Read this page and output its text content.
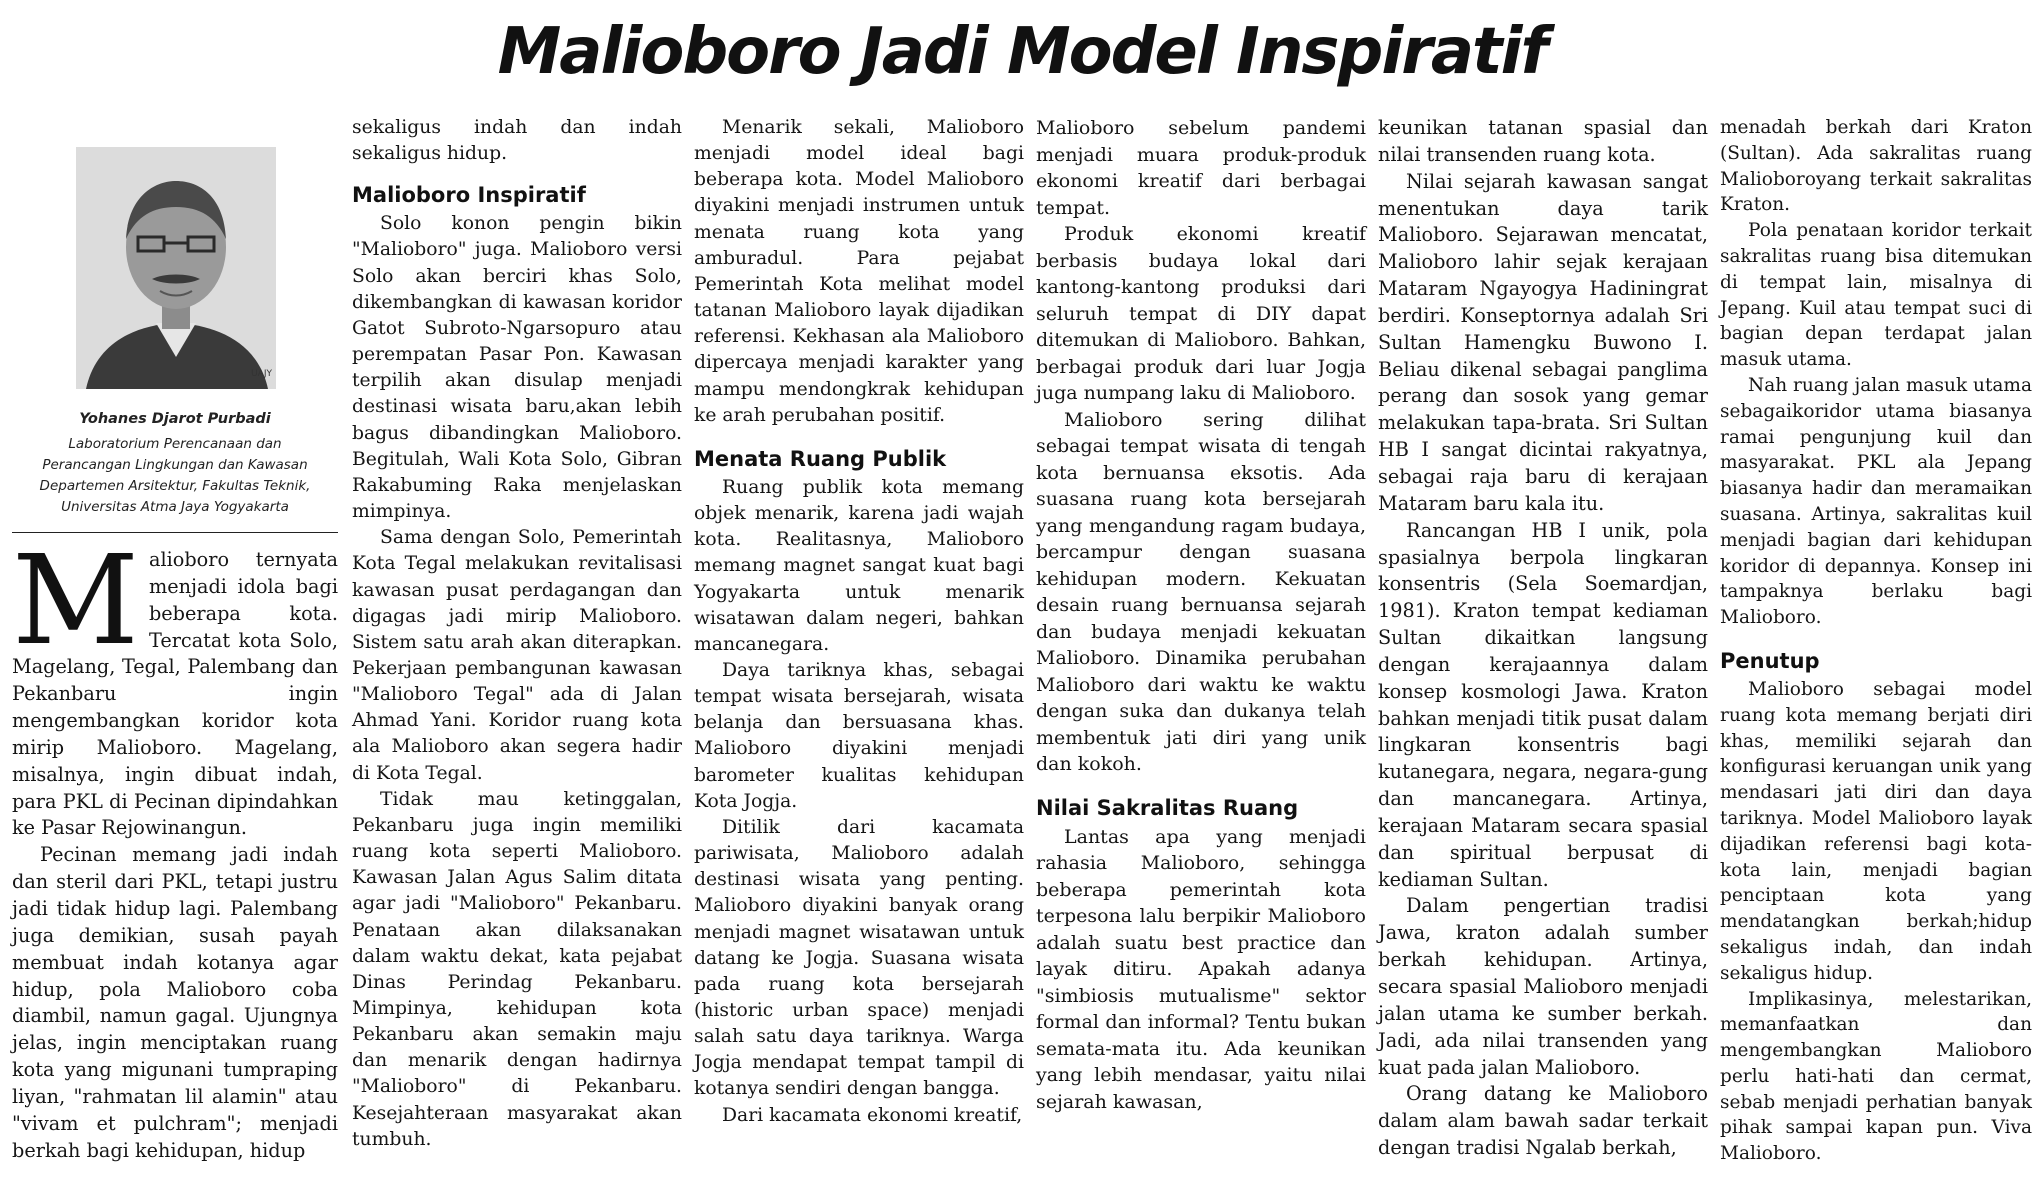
Malioboro Jadi Model Inspiratif
UAJY
Yohanes Djarot Purbadi
Laboratorium Perencanaan dan
Perancangan Lingkungan dan Kawasan
Departemen Arsitektur, Fakultas Teknik,
Universitas Atma Jaya Yogyakarta

Malioboro ternyata menjadi idola bagi beberapa kota. Tercatat kota Solo, Magelang, Tegal, Palembang dan Pekanbaru ingin mengembangkan koridor kota mirip Malioboro. Magelang, misalnya, ingin dibuat indah, para PKL di Pecinan dipindahkan ke Pasar Rejowinangun.

Pecinan memang jadi indah dan steril dari PKL, tetapi justru jadi tidak hidup lagi. Palembang juga demikian, susah payah membuat indah kotanya agar hidup, pola Malioboro coba diambil, namun gagal. Ujungnya jelas, ingin menciptakan ruang kota yang migunani tumpraping liyan, "rahmatan lil alamin" atau "vivam et pulchram"; menjadi berkah bagi kehidupan, hidup

sekaligus indah dan indah sekaligus hidup.

Malioboro Inspiratif

Solo konon pengin bikin "Malioboro" juga. Malioboro versi Solo akan berciri khas Solo, dikembangkan di kawasan koridor Gatot Subroto-Ngarsopuro atau perempatan Pasar Pon. Kawasan terpilih akan disulap menjadi destinasi wisata baru,akan lebih bagus dibandingkan Malioboro. Begitulah, Wali Kota Solo, Gibran Rakabuming Raka menjelaskan mimpinya.

Sama dengan Solo, Pemerintah Kota Tegal melakukan revitalisasi kawasan pusat perdagangan dan digagas jadi mirip Malioboro. Sistem satu arah akan diterapkan. Pekerjaan pembangunan kawasan "Malioboro Tegal" ada di Jalan Ahmad Yani. Koridor ruang kota ala Malioboro akan segera hadir di Kota Tegal.

Tidak mau ketinggalan, Pekanbaru juga ingin memiliki ruang kota seperti Malioboro. Kawasan Jalan Agus Salim ditata agar jadi "Malioboro" Pekanbaru. Penataan akan dilaksanakan dalam waktu dekat, kata pejabat Dinas Perindag Pekanbaru. Mimpinya, kehidupan kota Pekanbaru akan semakin maju dan menarik dengan hadirnya "Malioboro" di Pekanbaru. Kesejahteraan masyarakat akan tumbuh.

Menarik sekali, Malioboro menjadi model ideal bagi beberapa kota. Model Malioboro diyakini menjadi instrumen untuk menata ruang kota yang amburadul. Para pejabat Pemerintah Kota melihat model tatanan Malioboro layak dijadikan referensi. Kekhasan ala Malioboro dipercaya menjadi karakter yang mampu mendongkrak kehidupan ke arah perubahan positif.

Menata Ruang Publik

Ruang publik kota memang objek menarik, karena jadi wajah kota. Realitasnya, Malioboro memang magnet sangat kuat bagi Yogyakarta untuk menarik wisatawan dalam negeri, bahkan mancanegara.

Daya tariknya khas, sebagai tempat wisata bersejarah, wisata belanja dan bersuasana khas. Malioboro diyakini menjadi barometer kualitas kehidupan Kota Jogja.

Ditilik dari kacamata pariwisata, Malioboro adalah destinasi wisata yang penting. Malioboro diyakini banyak orang menjadi magnet wisatawan untuk datang ke Jogja. Suasana wisata pada ruang kota bersejarah (historic urban space) menjadi salah satu daya tariknya. Warga Jogja mendapat tempat tampil di kotanya sendiri dengan bangga.

Dari kacamata ekonomi kreatif,

Malioboro sebelum pandemi menjadi muara produk-produk ekonomi kreatif dari berbagai tempat.

Produk ekonomi kreatif berbasis budaya lokal dari kantong-kantong produksi dari seluruh tempat di DIY dapat ditemukan di Malioboro. Bahkan, berbagai produk dari luar Jogja juga numpang laku di Malioboro.

Malioboro sering dilihat sebagai tempat wisata di tengah kota bernuansa eksotis. Ada suasana ruang kota bersejarah yang mengandung ragam budaya, bercampur dengan suasana kehidupan modern. Kekuatan desain ruang bernuansa sejarah dan budaya menjadi kekuatan Malioboro. Dinamika perubahan Malioboro dari waktu ke waktu dengan suka dan dukanya telah membentuk jati diri yang unik dan kokoh.

Nilai Sakralitas Ruang

Lantas apa yang menjadi rahasia Malioboro, sehingga beberapa pemerintah kota terpesona lalu berpikir Malioboro adalah suatu best practice dan layak ditiru. Apakah adanya "simbiosis mutualisme" sektor formal dan informal? Tentu bukan semata-mata itu. Ada keunikan yang lebih mendasar, yaitu nilai sejarah kawasan,

keunikan tatanan spasial dan nilai transenden ruang kota.

Nilai sejarah kawasan sangat menentukan daya tarik Malioboro. Sejarawan mencatat, Malioboro lahir sejak kerajaan Mataram Ngayogya Hadiningrat berdiri. Konseptornya adalah Sri Sultan Hamengku Buwono I. Beliau dikenal sebagai panglima perang dan sosok yang gemar melakukan tapa-brata. Sri Sultan HB I sangat dicintai rakyatnya, sebagai raja baru di kerajaan Mataram baru kala itu.

Rancangan HB I unik, pola spasialnya berpola lingkaran konsentris (Sela Soemardjan, 1981). Kraton tempat kediaman Sultan dikaitkan langsung dengan kerajaannya dalam konsep kosmologi Jawa. Kraton bahkan menjadi titik pusat dalam lingkaran konsentris bagi kutanegara, negara, negara-gung dan mancanegara. Artinya, kerajaan Mataram secara spasial dan spiritual berpusat di kediaman Sultan.

Dalam pengertian tradisi Jawa, kraton adalah sumber berkah kehidupan. Artinya, secara spasial Malioboro menjadi jalan utama ke sumber berkah. Jadi, ada nilai transenden yang kuat pada jalan Malioboro.

Orang datang ke Malioboro dalam alam bawah sadar terkait dengan tradisi Ngalab berkah,

menadah berkah dari Kraton (Sultan). Ada sakralitas ruang Malioboroyang terkait sakralitas Kraton.

Pola penataan koridor terkait sakralitas ruang bisa ditemukan di tempat lain, misalnya di Jepang. Kuil atau tempat suci di bagian depan terdapat jalan masuk utama.

Nah ruang jalan masuk utama sebagaikoridor utama biasanya ramai pengunjung kuil dan masyarakat. PKL ala Jepang biasanya hadir dan meramaikan suasana. Artinya, sakralitas kuil menjadi bagian dari kehidupan koridor di depannya. Konsep ini tampaknya berlaku bagi Malioboro.

Penutup

Malioboro sebagai model ruang kota memang berjati diri khas, memiliki sejarah dan konfigurasi keruangan unik yang mendasari jati diri dan daya tariknya. Model Malioboro layak dijadikan referensi bagi kota-kota lain, menjadi bagian penciptaan kota yang mendatangkan berkah;hidup sekaligus indah, dan indah sekaligus hidup.

Implikasinya, melestarikan, memanfaatkan dan mengembangkan Malioboro perlu hati-hati dan cermat, sebab menjadi perhatian banyak pihak sampai kapan pun. Viva Malioboro.
